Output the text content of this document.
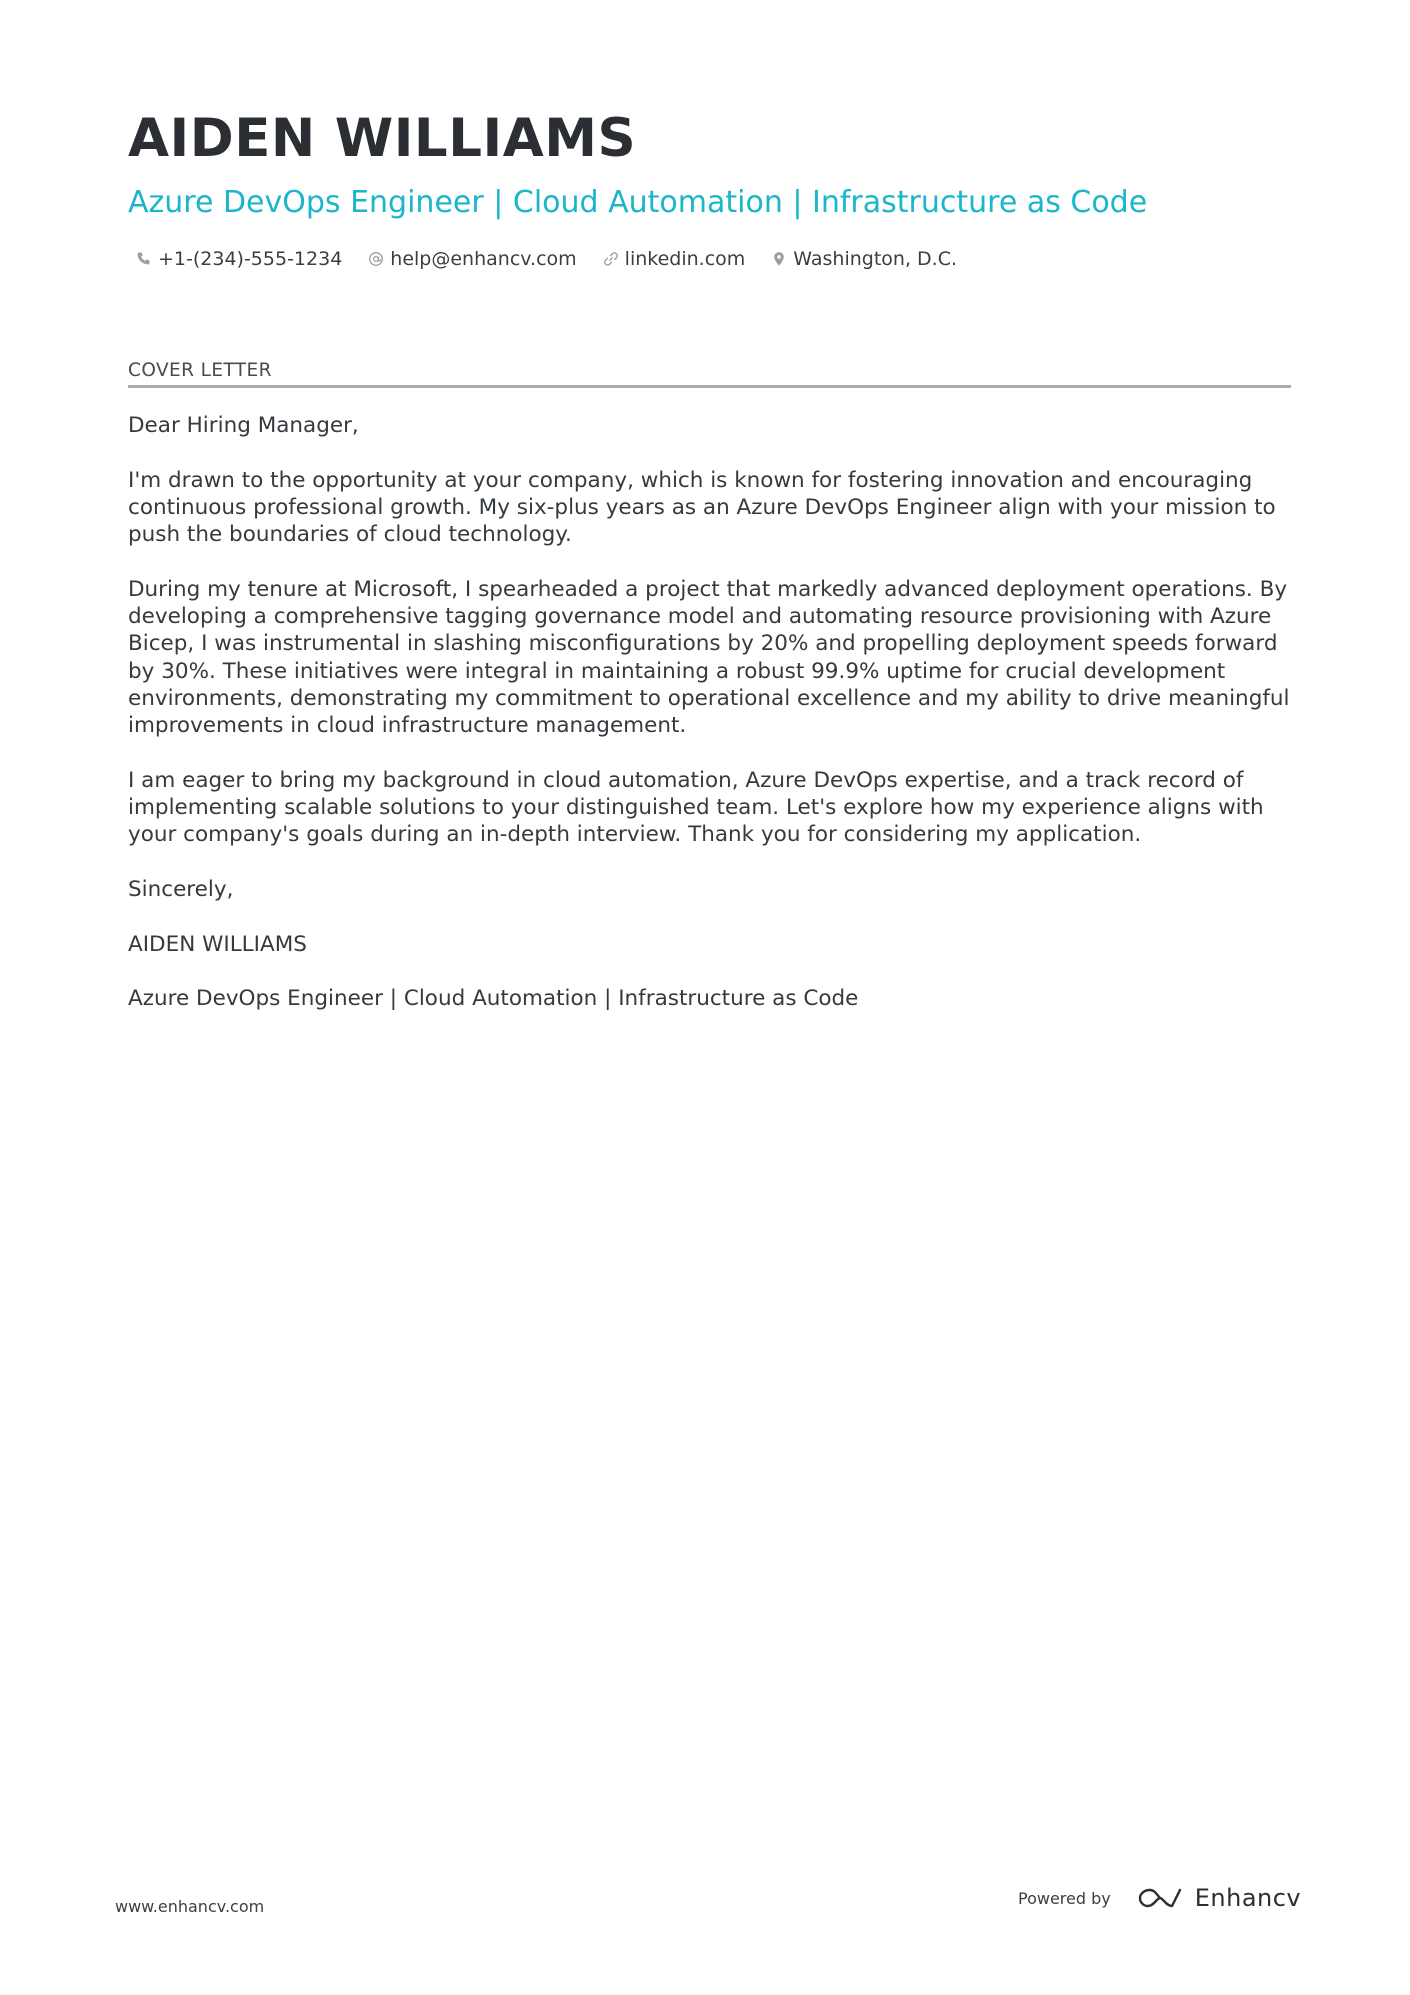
AIDEN WILLIAMS
Azure DevOps Engineer | Cloud Automation | Infrastructure as Code
+1-(234)-555-1234	help@enhancv.com	linkedin.com	Washington, D.C.
COVER LETTER

Dear Hiring Manager,

I'm drawn to the opportunity at your company, which is known for fostering innovation and encouraging continuous professional growth. My six-plus years as an Azure DevOps Engineer align with your mission to push the boundaries of cloud technology.

During my tenure at Microsoft, I spearheaded a project that markedly advanced deployment operations. By developing a comprehensive tagging governance model and automating resource provisioning with Azure Bicep, I was instrumental in slashing misconfigurations by 20% and propelling deployment speeds forward by 30%. These initiatives were integral in maintaining a robust 99.9% uptime for crucial development environments, demonstrating my commitment to operational excellence and my ability to drive meaningful improvements in cloud infrastructure management.

I am eager to bring my background in cloud automation, Azure DevOps expertise, and a track record of implementing scalable solutions to your distinguished team. Let's explore how my experience aligns with your company's goals during an in-depth interview. Thank you for considering my application.

Sincerely,

AIDEN WILLIAMS

Azure DevOps Engineer | Cloud Automation | Infrastructure as Code

www.enhancv.com	Powered by	Enhancv
